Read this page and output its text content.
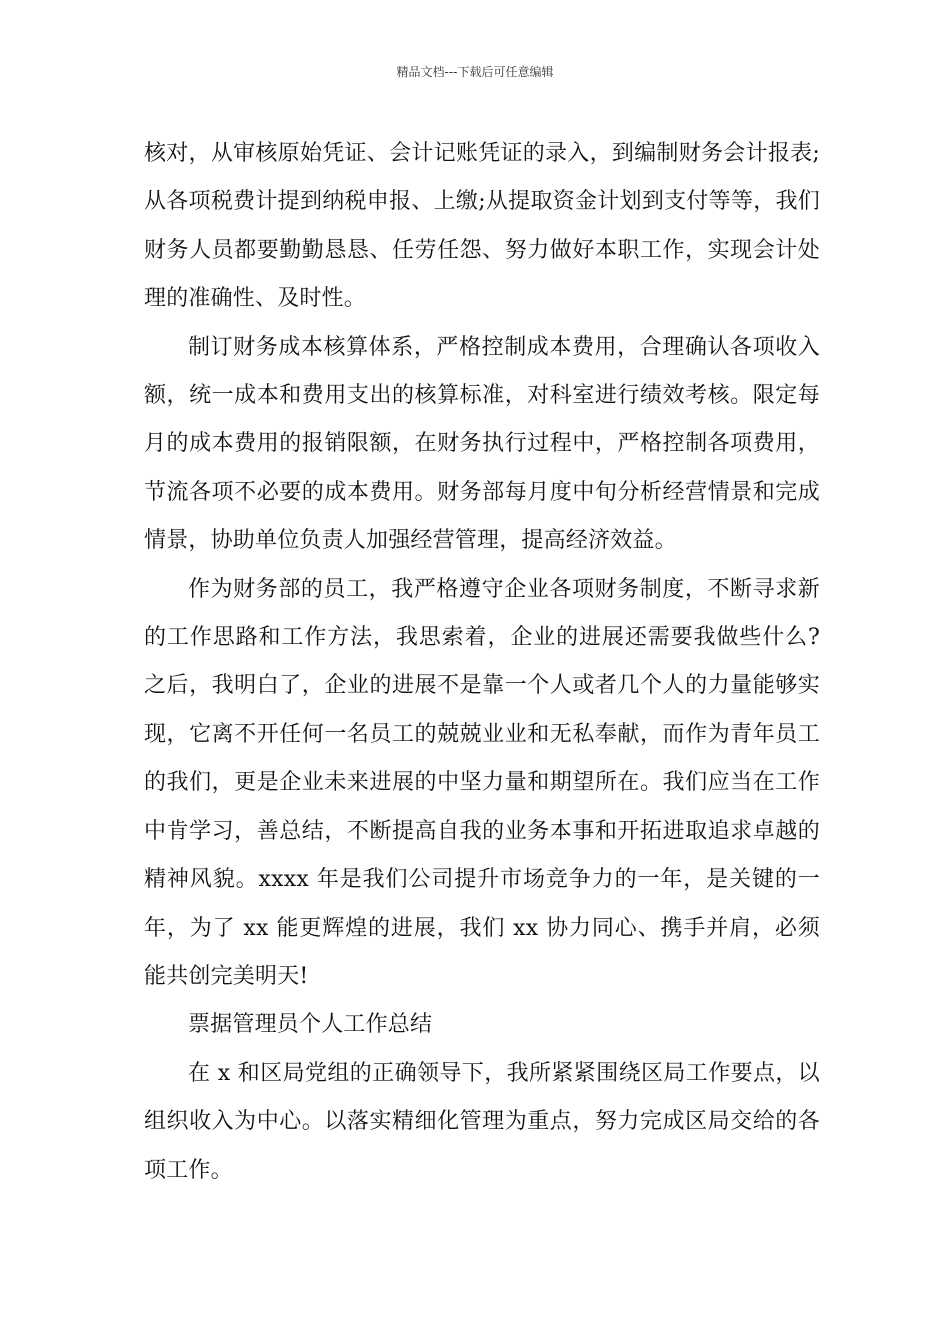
精品文档---下载后可任意编辑

核对，从审核原始凭证、会计记账凭证的录入，到编制财务会计报表;从各项税费计提到纳税申报、上缴;从提取资金计划到支付等等，我们财务人员都要勤勤恳恳、任劳任怨、努力做好本职工作，实现会计处理的准确性、及时性。

制订财务成本核算体系，严格控制成本费用，合理确认各项收入额，统一成本和费用支出的核算标准，对科室进行绩效考核。限定每月的成本费用的报销限额，在财务执行过程中，严格控制各项费用，节流各项不必要的成本费用。财务部每月度中旬分析经营情景和完成情景，协助单位负责人加强经营管理，提高经济效益。

作为财务部的员工，我严格遵守企业各项财务制度，不断寻求新的工作思路和工作方法，我思索着，企业的进展还需要我做些什么?之后，我明白了，企业的进展不是靠一个人或者几个人的力量能够实现，它离不开任何一名员工的兢兢业业和无私奉献，而作为青年员工的我们，更是企业未来进展的中坚力量和期望所在。我们应当在工作中肯学习，善总结，不断提高自我的业务本事和开拓进取追求卓越的精神风貌。xxxx 年是我们公司提升市场竞争力的一年，是关键的一年，为了 xx 能更辉煌的进展，我们 xx 协力同心、携手并肩，必须能共创完美明天!

票据管理员个人工作总结

在 x 和区局党组的正确领导下，我所紧紧围绕区局工作要点，以组织收入为中心。以落实精细化管理为重点，努力完成区局交给的各项工作。
